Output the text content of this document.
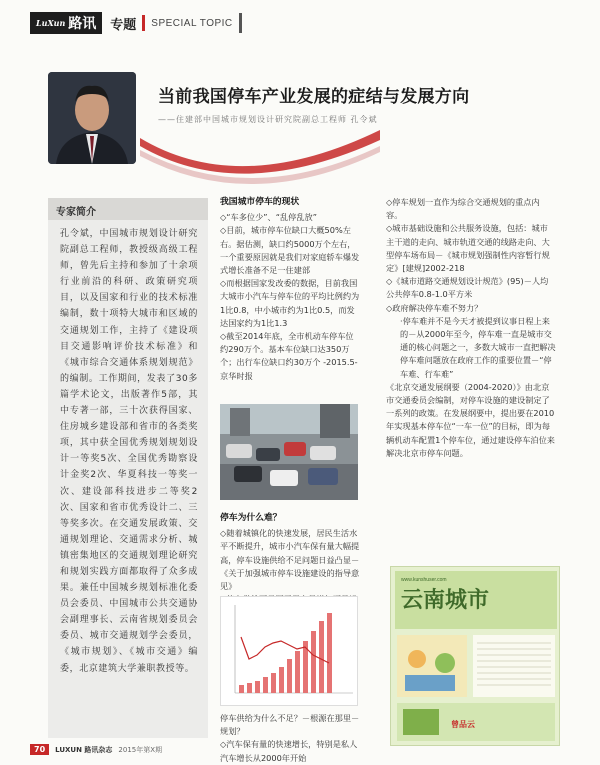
LuXun 路讯 专题 SPECIAL TOPIC
当前我国停车产业发展的症结与发展方向
——住建部中国城市规划设计研究院副总工程师 孔令斌
专家简介
孔令斌，中国城市规划设计研究院副总工程师，教授级高级工程师，曾先后主持和参加了十余项行业前沿的科研、政策研究项目，以及国家和行业的技术标准编制，数十项特大城市和区域的交通规划工作，主持了《建设项目交通影响评价技术标准》和《城市综合交通体系规划规范》的编制。工作期间，发表了30多篇学术论文，出版著作5部，其中专著一部，三十次获得国家、住房城乡建设部和省市的各类奖项，其中获全国优秀规划规划设计一等奖5次、全国优秀勘察设计金奖2次、华夏科技一等奖一次、建设部科技进步二等奖2次、国家和省市优秀设计二、三等奖多次。在交通发展政策、交通规划理论、交通需求分析、城镇密集地区的交通规划理论研究和规划实践方面都取得了众多成果。兼任中国城乡规划标准化委员会委员、中国城市公共交通协会副理事长、云南省规划委员会委员、城市交通规划学会委员，《城市规划》、《城市交通》编委，北京建筑大学兼职教授等。
我国城市停车的现状

◇“车多位少”、“乱停乱放”

◇目前，城市停车位缺口大概50%左右。据估测，缺口约5000万个左右，一个重要原因就是我们对家庭轿车爆发式增长准备不足一住建部

◇而根据国家发改委的数据，目前我国大城市小汽车与停车位的平均比例约为1比0.8，中小城市约为1比0.5，而发达国家约为1比1.3

◇截至2014年底，全市机动车停车位约290万个。基本车位缺口达350万个；出行车位缺口约30万个 -2015.5- 京华时报

停车为什么难？

◇随着城镇化的快速发展，居民生活水平不断提升，城市小汽车保有量大幅提高，停车设施供给不足问题日益凸显－《关于加强城市停车设施建设的指导意见》

停车供给为什么不足？－根源在那里－规划？

◇汽车保有量的快速增长，特别是私人汽车增长从2000年开始

◇停车规划一直作为综合交通规划的重点内容。

◇城市基础设施和公共服务设施，包括：城市主干道的走向、城市轨道交通的线路走向、大型停车场布局－《城市规划强制性内容暂行规定》[建规]2002-218

◇《城市道路交通规划设计规范》(95)－人均公共停车0.8-1.0平方米

◇政府解决停车难不努力？

·停车难并不是今天才被提到议事日程上来的－从2000年至今，停车难一直是城市交通的核心问题之一，多数大城市一直把解决停车难问题放在政府工作的重要位置－“停车难、行车难”

《北京交通发展纲要（2004-2020）》由北京市交通委员会编制，对停车设施的建设制定了一系列的政策。在发展纲要中，提出要在2010年实现基本停车位“一车一位”的目标，即为每辆机动车配置1个停车位，通过建设停车泊位来解决北京市停车问题。

云南城市
www.kunshuser.com
曾品云
70	LUXUN 路讯杂志 2015年第X期
